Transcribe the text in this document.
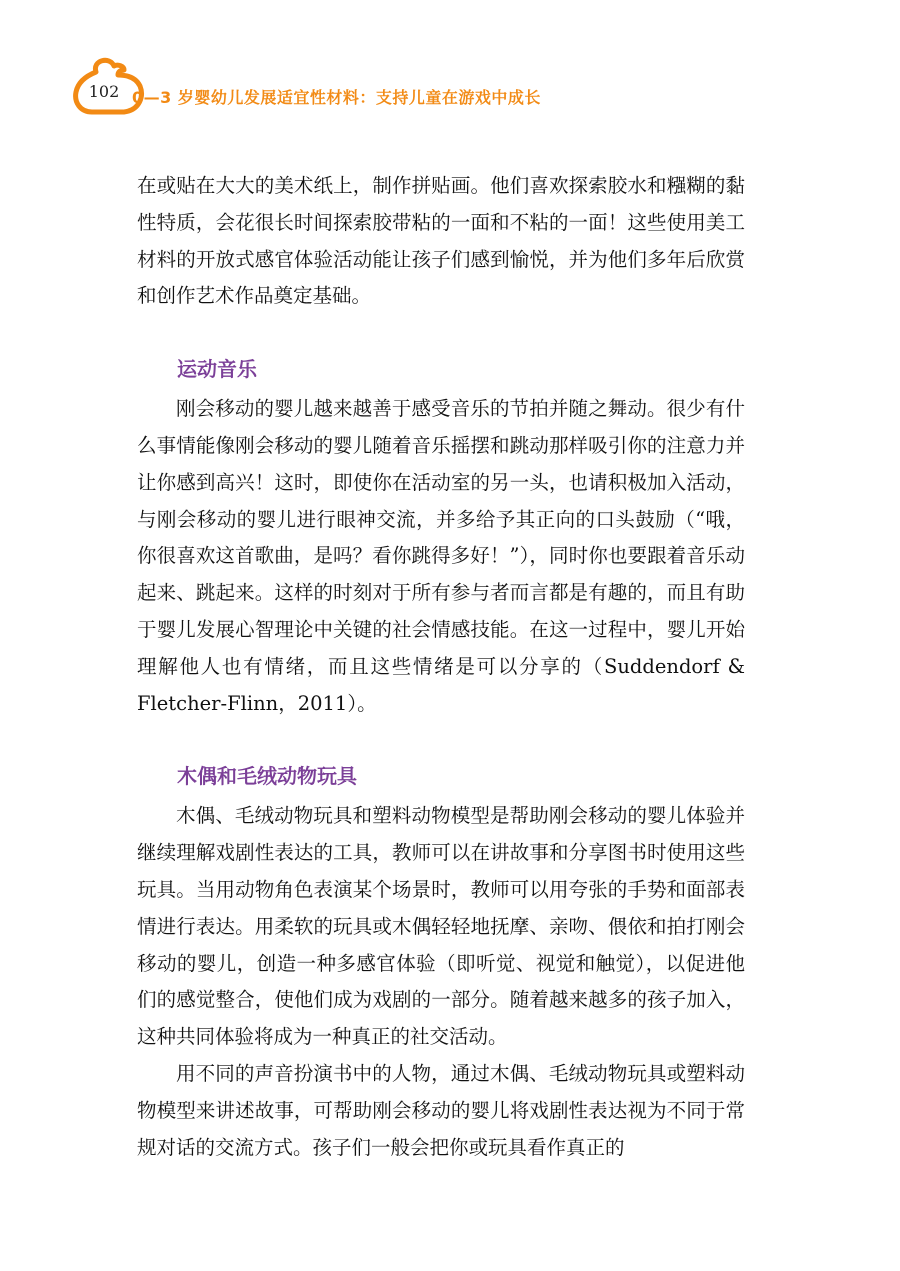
102 0—3 岁婴幼儿发展适宜性材料：支持儿童在游戏中成长

在或贴在大大的美术纸上，制作拼贴画。他们喜欢探索胶水和糨糊的黏性特质，会花很长时间探索胶带粘的一面和不粘的一面！这些使用美工材料的开放式感官体验活动能让孩子们感到愉悦，并为他们多年后欣赏和创作艺术作品奠定基础。

运动音乐

刚会移动的婴儿越来越善于感受音乐的节拍并随之舞动。很少有什么事情能像刚会移动的婴儿随着音乐摇摆和跳动那样吸引你的注意力并让你感到高兴！这时，即使你在活动室的另一头，也请积极加入活动，与刚会移动的婴儿进行眼神交流，并多给予其正向的口头鼓励（“哦，你很喜欢这首歌曲，是吗？看你跳得多好！”），同时你也要跟着音乐动起来、跳起来。这样的时刻对于所有参与者而言都是有趣的，而且有助于婴儿发展心智理论中关键的社会情感技能。在这一过程中，婴儿开始理解他人也有情绪，而且这些情绪是可以分享的（Suddendorf & Fletcher-Flinn，2011）。

木偶和毛绒动物玩具

木偶、毛绒动物玩具和塑料动物模型是帮助刚会移动的婴儿体验并继续理解戏剧性表达的工具，教师可以在讲故事和分享图书时使用这些玩具。当用动物角色表演某个场景时，教师可以用夸张的手势和面部表情进行表达。用柔软的玩具或木偶轻轻地抚摩、亲吻、偎依和拍打刚会移动的婴儿，创造一种多感官体验（即听觉、视觉和触觉），以促进他们的感觉整合，使他们成为戏剧的一部分。随着越来越多的孩子加入，这种共同体验将成为一种真正的社交活动。

用不同的声音扮演书中的人物，通过木偶、毛绒动物玩具或塑料动物模型来讲述故事，可帮助刚会移动的婴儿将戏剧性表达视为不同于常规对话的交流方式。孩子们一般会把你或玩具看作真正的
